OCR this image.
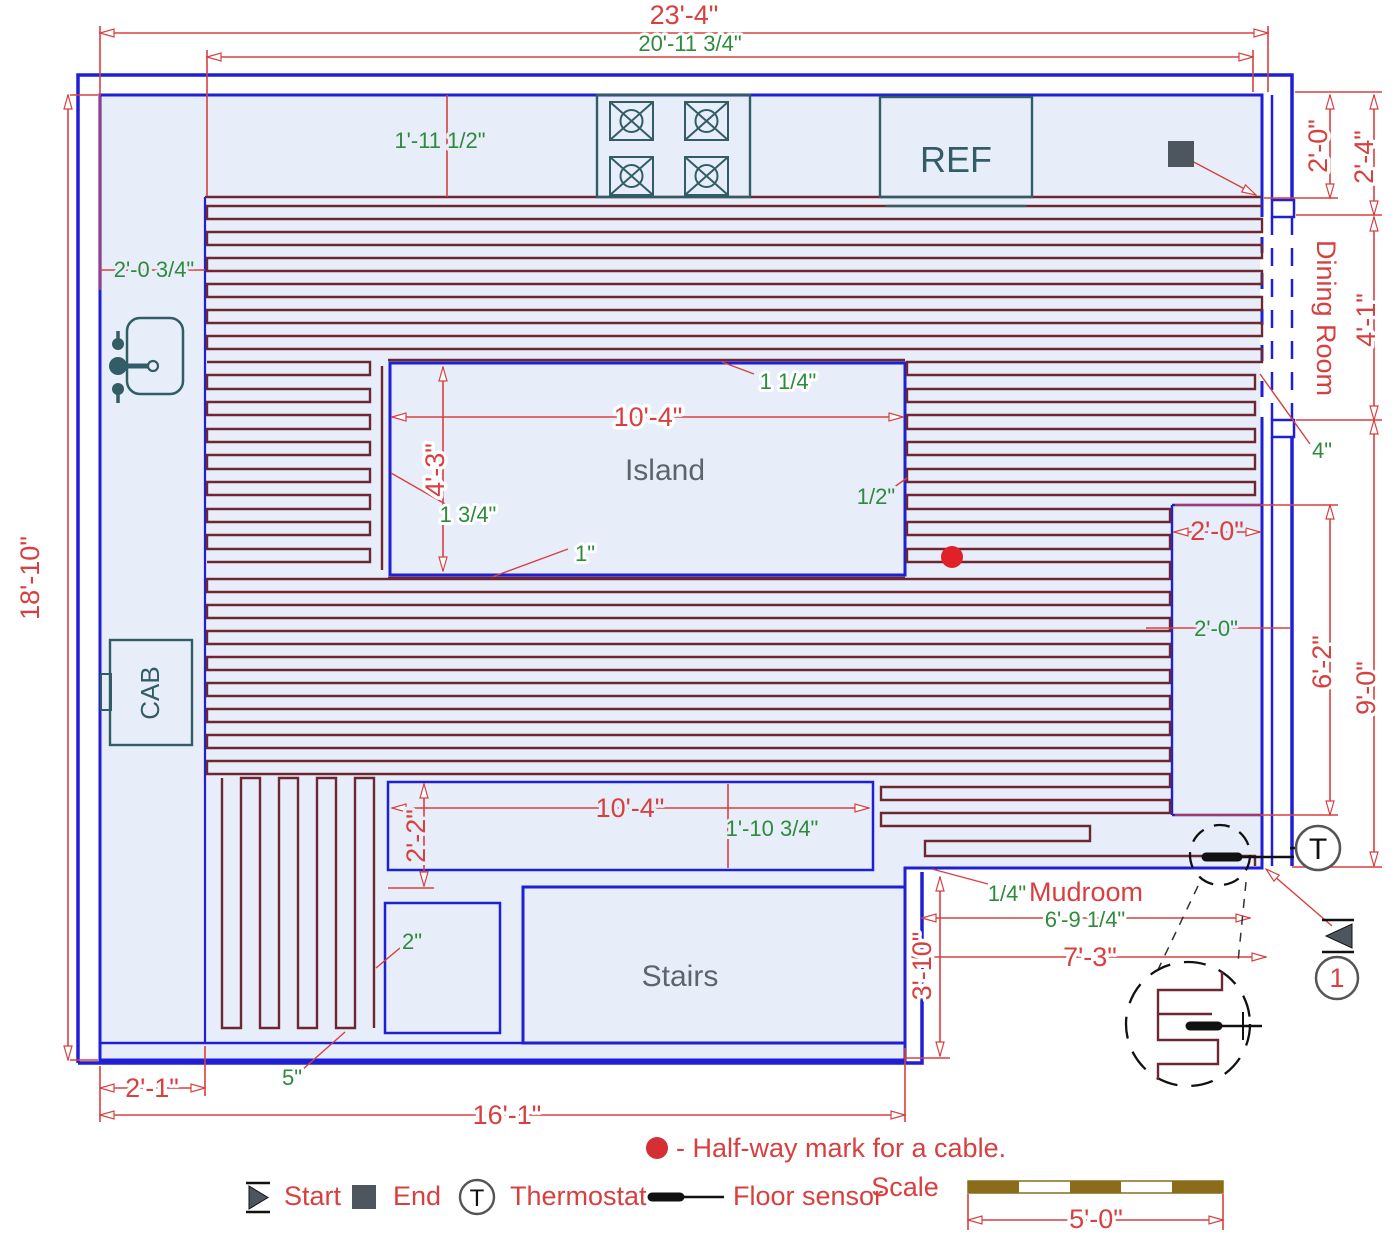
REF
CAB
Island
Stairs
Dining Room
Mudroom
23'-4"
20'-11 3/4"
1'-11 1/2"
2'-0 3/4"
18'-10"
2'-0" 2'-4"
4'-1"
4"
9'-0"
6'-2"
2'-0"
2'-0"
10'-4"
4'-3"
1 1/4"
1/2"
1 3/4"
1"
10'-4"
1'-10 3/4"
2'-2"
2"
5"
2'-1"
16'-1"
6'-9 1/4"
7'-3"
3'-10"
1/4"
T
1
- Half-way mark for a cable.
Start End T Thermostat	Floor sensor
Scale
5'-0"
